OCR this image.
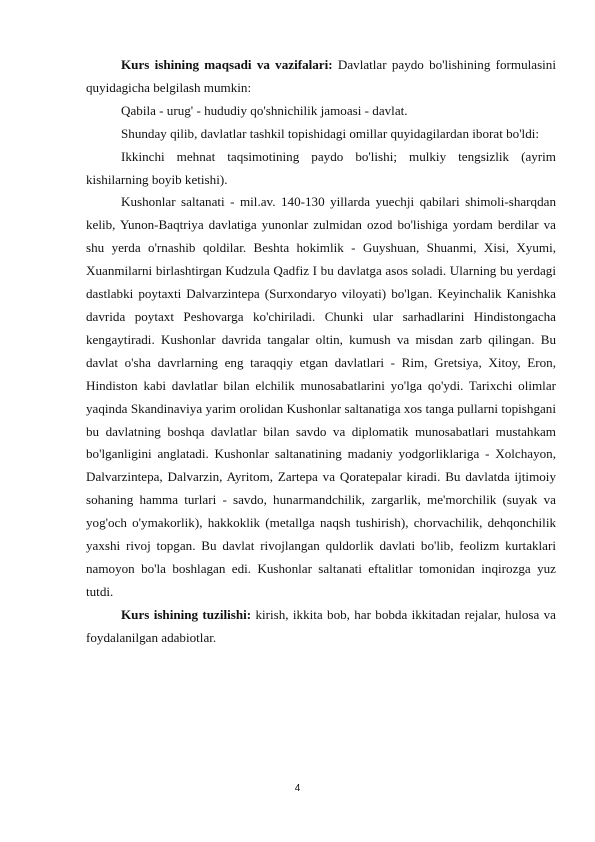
Kurs ishining maqsadi va vazifalari: Davlatlar paydo bo'lishining formulasini quyidagicha belgilash mumkin:

Qabila - urug' - hududiy qo'shnichilik jamoasi - davlat.

Shunday qilib, davlatlar tashkil topishidagi omillar quyidagilardan iborat bo'ldi:

Ikkinchi mehnat taqsimotining paydo bo'lishi; mulkiy tengsizlik (ayrim kishilarning boyib ketishi).

Kushonlar saltanati - mil.av. 140-130 yillarda yuechji qabilari shimoli-sharqdan kelib, Yunon-Baqtriya davlatiga yunonlar zulmidan ozod bo'lishiga yordam berdilar va shu yerda o'rnashib qoldilar. Beshta hokimlik - Guyshuan, Shuanmi, Xisi, Xyumi, Xuanmilarni birlashtirgan Kudzula Qadfiz I bu davlatga asos soladi. Ularning bu yerdagi dastlabki poytaxti Dalvarzintepa (Surxondaryo viloyati) bo'lgan. Keyinchalik Kanishka davrida poytaxt Peshovarga ko'chiriladi. Chunki ular sarhadlarini Hindistongacha kengaytiradi. Kushonlar davrida tangalar oltin, kumush va misdan zarb qilingan. Bu davlat o'sha davrlarning eng taraqqiy etgan davlatlari - Rim, Gretsiya, Xitoy, Eron, Hindiston kabi davlatlar bilan elchilik munosabatlarini yo'lga qo'ydi. Tarixchi olimlar yaqinda Skandinaviya yarim orolidan Kushonlar saltanatiga xos tanga pullarni topishgani bu davlatning boshqa davlatlar bilan savdo va diplomatik munosabatlari mustahkam bo'lganligini anglatadi. Kushonlar saltanatining madaniy yodgorliklariga - Xolchayon, Dalvarzintepa, Dalvarzin, Ayritom, Zartepa va Qoratepalar kiradi. Bu davlatda ijtimoiy sohaning hamma turlari - savdo, hunarmandchilik, zargarlik, me'morchilik (suyak va yog'och o'ymakorlik), hakkoklik (metallga naqsh tushirish), chorvachilik, dehqonchilik yaxshi rivoj topgan. Bu davlat rivojlangan quldorlik davlati bo'lib, feolizm kurtaklari namoyon bo'la boshlagan edi. Kushonlar saltanati eftalitlar tomonidan inqirozga yuz tutdi.

Kurs ishining tuzilishi: kirish, ikkita bob, har bobda ikkitadan rejalar, hulosa va foydalanilgan adabiotlar.

4
